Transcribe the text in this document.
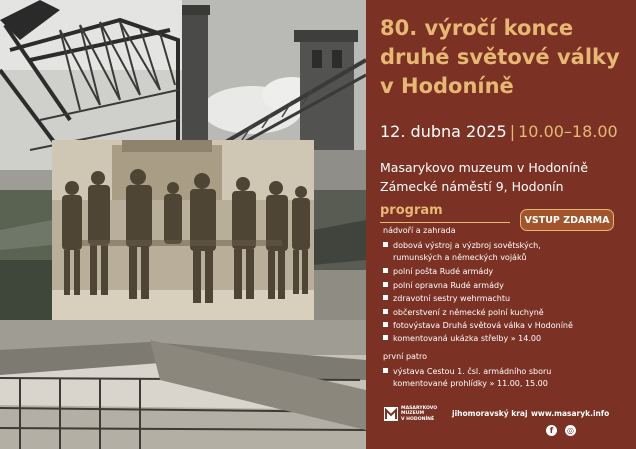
80. výročí konce
druhé světové války
v Hodoníně
12. dubna 2025 | 10.00–18.00
Masarykovo muzeum v Hodoníně
Zámecké náměstí 9, Hodonín
program
VSTUP ZDARMA
nádvoří a zahrada
dobová výstroj a výzbroj sovětských,
rumunských a německých vojáků
polní pošta Rudé armády
polní opravna Rudé armády
zdravotní sestry wehrmachtu
občerstvení z německé polní kuchyně
fotovýstava Druhá světová válka v Hodoníně
komentovaná ukázka střelby » 14.00
první patro
výstava Cestou 1. čsl. armádního sboru
komentované prohlídky » 11.00, 15.00
MASARYKOVO
MUZEUM
V HODONÍNĚ
jihomoravský kraj www.masaryk.info
f	◎
